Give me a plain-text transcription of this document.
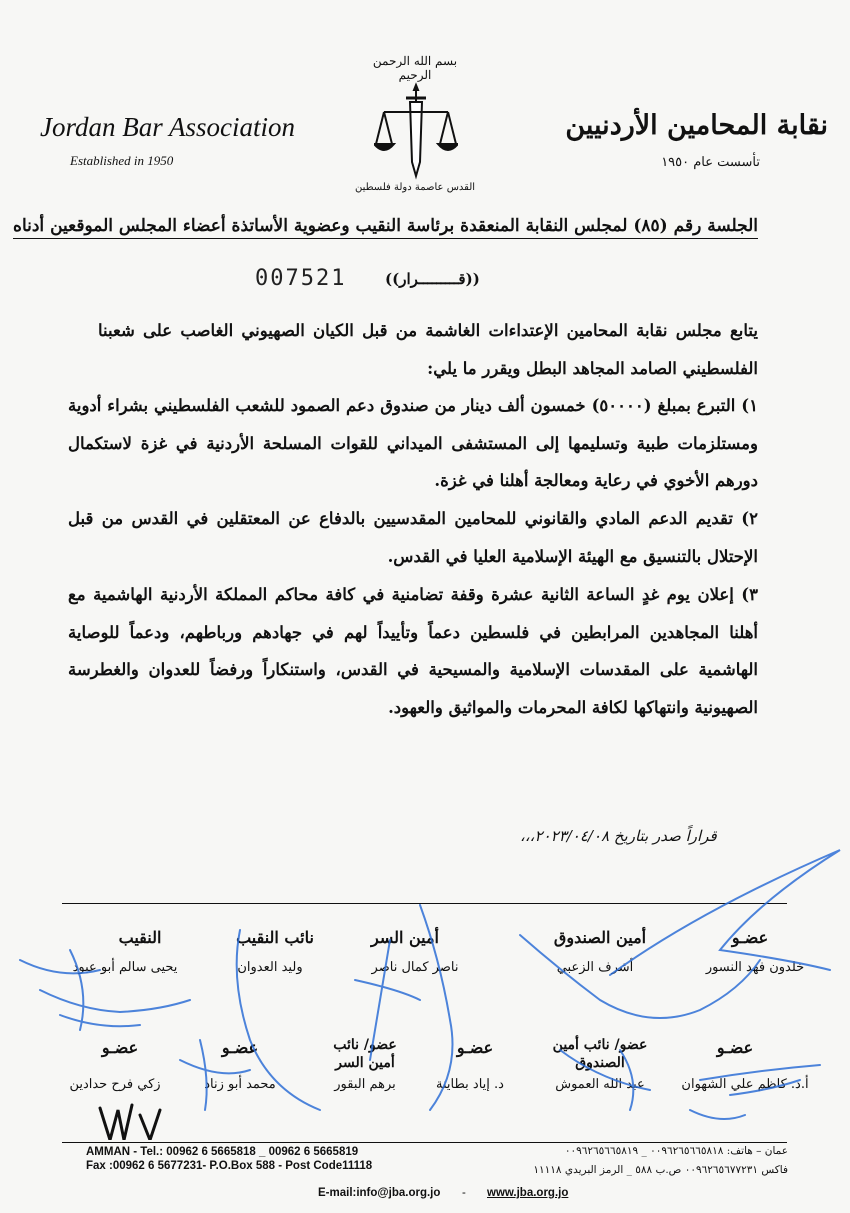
Jordan Bar Association
Established in 1950
نقابة المحامين الأردنيين
تأسست عام ١٩٥٠
بسم الله الرحمن الرحيم
القدس عاصمة دولة فلسطين
الجلسة رقم (٨٥) لمجلس النقابة المنعقدة برئاسة النقيب وعضوية الأساتذة أعضاء المجلس الموقعين أدناه
007521	((قـــــــــرار))
يتابع مجلس نقابة المحامين الإعتداءات الغاشمة من قبل الكيان الصهيوني الغاصب على شعبنا الفلسطيني الصامد المجاهد البطل ويقرر ما يلي:
١) التبرع بمبلغ (٥٠٠٠٠) خمسون ألف دينار من صندوق دعم الصمود للشعب الفلسطيني بشراء أدوية ومستلزمات طبية وتسليمها إلى المستشفى الميداني للقوات المسلحة الأردنية في غزة لاستكمال دورهم الأخوي في رعاية ومعالجة أهلنا في غزة.
٢) تقديم الدعم المادي والقانوني للمحامين المقدسيين بالدفاع عن المعتقلين في القدس من قبل الإحتلال بالتنسيق مع الهيئة الإسلامية العليا في القدس.
٣) إعلان يوم غدٍ الساعة الثانية عشرة وقفة تضامنية في كافة محاكم المملكة الأردنية الهاشمية مع أهلنا المجاهدين المرابطين في فلسطين دعماً وتأييداً لهم في جهادهم ورباطهم، ودعماً للوصاية الهاشمية على المقدسات الإسلامية والمسيحية في القدس، واستنكاراً ورفضاً للعدوان والغطرسة الصهيونية وانتهاكها لكافة المحرمات والمواثيق والعهود.
قراراً صدر بتاريخ ٢٠٢٣/٠٤/٠٨،،،
عضـو
خلدون فهد النسور
أمين الصندوق
أشرف الزعبي
أمين السر
ناصر كمال ناصر
نائب النقيب
وليد العدوان
النقيب
يحيى سالم أبو عبود
عضـو
أ.د. كاظم علي الشهوان
عضو/ نائب أمين الصندوق
عبد الله العموش
عضـو
د. إياد بطاينة
عضو/ نائب أمين السر
برهم البقور
عضـو
محمد أبو زناد
عضـو
زكي فرح حدادين
AMMAN - Tel.: 00962 6 5665818 _ 00962 6 5665819
Fax :00962 6 5677231- P.O.Box 588 - Post Code11118
عمان – هاتف: ٠٠٩٦٢٦٥٦٦٥٨١٨ _ ٠٠٩٦٢٦٥٦٦٥٨١٩
فاكس ٠٠٩٦٢٦٥٦٧٧٢٣١ ص.ب ٥٨٨ _ الرمز البريدي ١١١١٨
E-mail:info@jba.org.jo - www.jba.org.jo
